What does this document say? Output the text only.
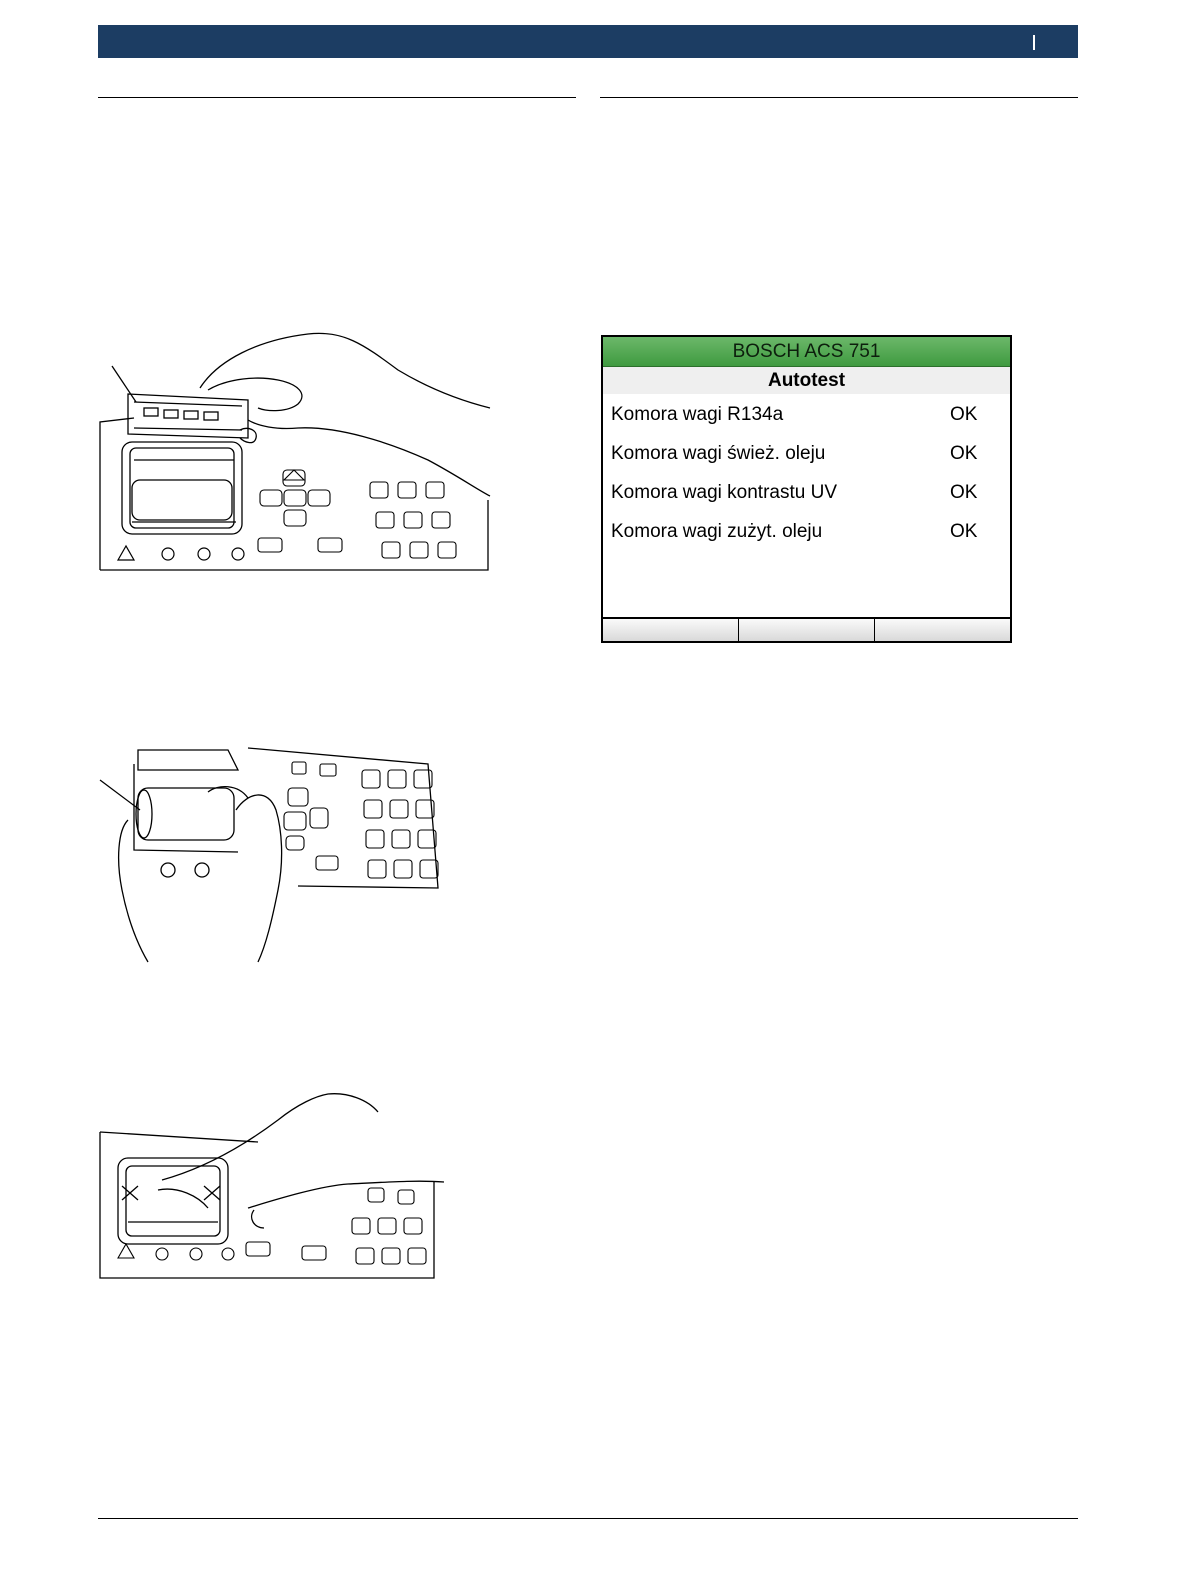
BOSCH ACS 751
Autotest
Komora wagi R134a	OK
Komora wagi śwież. oleju	OK
Komora wagi kontrastu UV	OK
Komora wagi zużyt. oleju	OK
